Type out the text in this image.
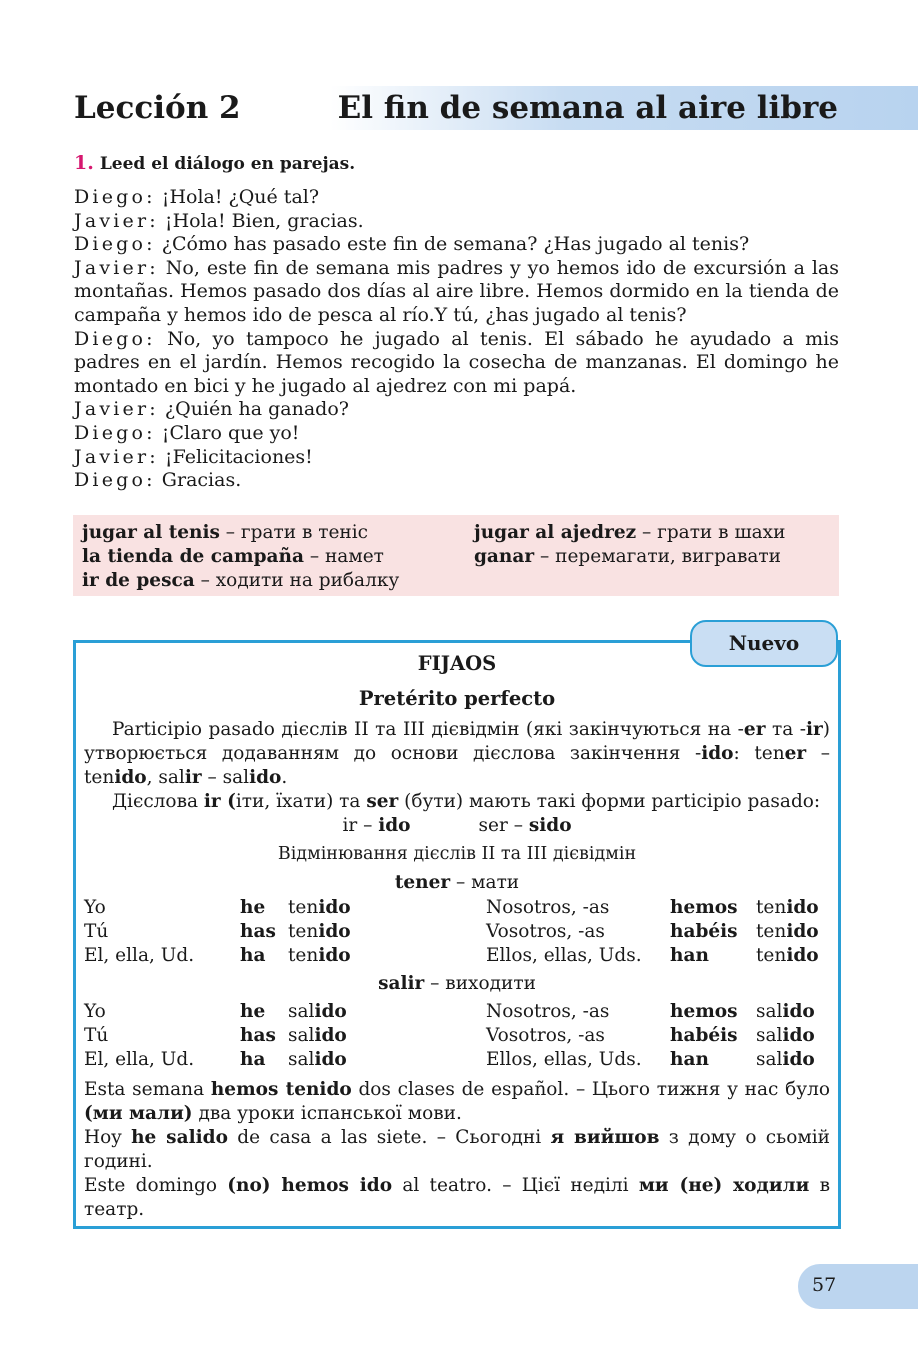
Lección 2	El fin de semana al aire libre
1. Leed el diálogo en parejas.

Diego: ¡Hola! ¿Qué tal?

Javier: ¡Hola! Bien, gracias.

Diego: ¿Cómo has pasado este fin de semana? ¿Has jugado al tenis?

Javier: No, este fin de semana mis padres y yo hemos ido de excursión a las montañas. Hemos pasado dos días al aire libre. Hemos dormido en la tienda de campaña y hemos ido de pesca al río.Y tú, ¿has jugado al tenis?

Diego: No, yo tampoco he jugado al tenis. El sábado he ayudado a mis padres en el jardín. Hemos recogido la cosecha de manzanas. El domingo he montado en bici y he jugado al ajedrez con mi papá.

Javier: ¿Quién ha ganado?

Diego: ¡Claro que yo!

Javier: ¡Felicitaciones!

Diego: Gracias.

jugar al tenis – грати в теніс
la tienda de campaña – намет
ir de pesca – ходити на рибалку
jugar al ajedrez – грати в шахи
ganar – перемагати, вигравати
Nuevo
FIJAOS
Pretérito perfecto
Participio pasado дієслів II та III дієвідмін (які закінчуються на -er та -ir) утворюється додаванням до основи дієслова закінчення -ido: tener – tenido, salir – salido.
Дієслова ir (іти, їхати) та ser (бути) мають такі форми participio pasado:
ir – ido	ser – sido
Відмінювання дієслів II та III дієвідмін
tener – мати
Yo
Tú
El, ella, Ud.
he
has
ha
tenido
tenido
tenido
Nosotros, -as
Vosotros, -as
Ellos, ellas, Uds.
hemos
habéis
han
tenido
tenido
tenido
salir – виходити
Yo
Tú
El, ella, Ud.
he
has
ha
salido
salido
salido
Nosotros, -as
Vosotros, -as
Ellos, ellas, Uds.
hemos
habéis
han
salido
salido
salido
Esta semana hemos tenido dos clases de español. – Цього тижня у нас було (ми мали) два уроки іспанської мови.
Hoy he salido de casa a las siete. – Сьогодні я вийшов з дому о сьомій годині.
Este domingo (no) hemos ido al teatro. – Цієї неділі ми (не) ходили в театр.
57
